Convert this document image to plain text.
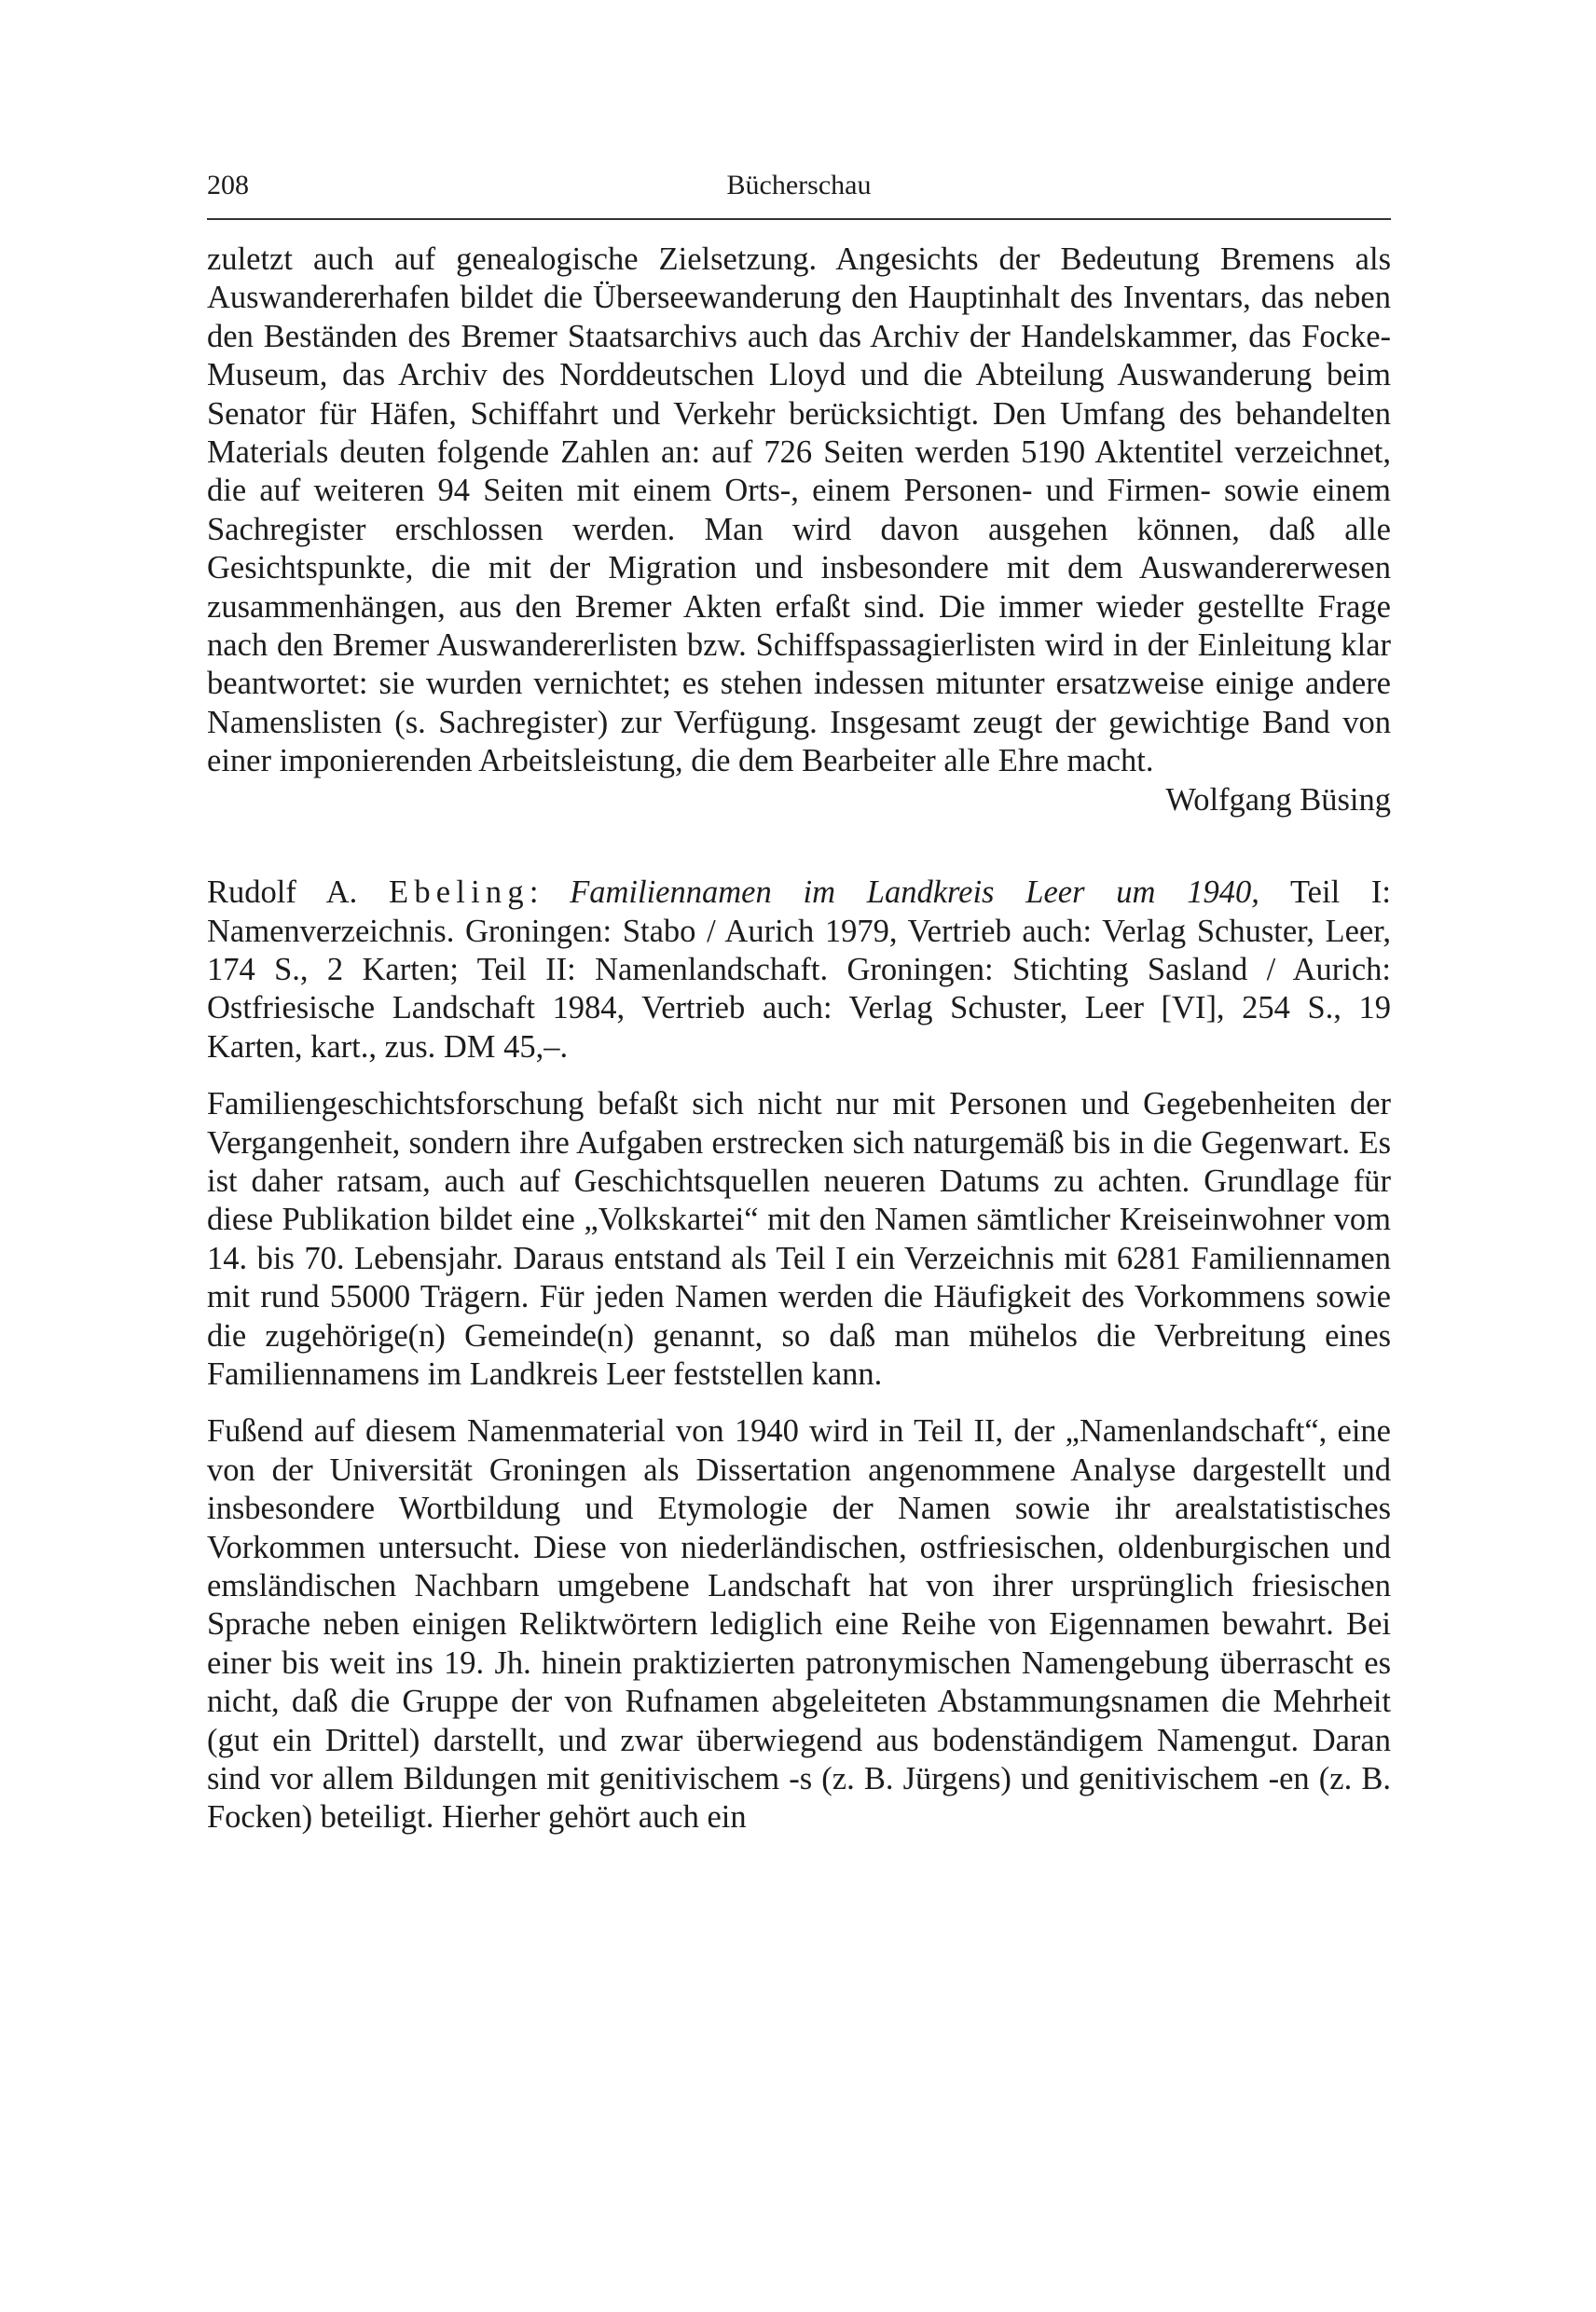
208	Bücherschau

zuletzt auch auf genealogische Zielsetzung. Angesichts der Bedeutung Bremens als Auswandererhafen bildet die Überseewanderung den Hauptinhalt des Inventars, das neben den Beständen des Bremer Staatsarchivs auch das Archiv der Handelskammer, das Focke-Museum, das Archiv des Norddeutschen Lloyd und die Abteilung Auswanderung beim Senator für Häfen, Schiffahrt und Verkehr berücksichtigt. Den Umfang des behandelten Materials deuten folgende Zahlen an: auf 726 Seiten werden 5190 Aktentitel verzeichnet, die auf weiteren 94 Seiten mit einem Orts-, einem Personen- und Firmen- sowie einem Sachregister erschlossen werden. Man wird davon ausgehen können, daß alle Gesichtspunkte, die mit der Migration und insbesondere mit dem Auswandererwesen zusammenhängen, aus den Bremer Akten erfaßt sind. Die immer wieder gestellte Frage nach den Bremer Auswandererlisten bzw. Schiffspassagierlisten wird in der Einleitung klar beantwortet: sie wurden vernichtet; es stehen indessen mitunter ersatzweise einige andere Namenslisten (s. Sachregister) zur Verfügung. Insgesamt zeugt der gewichtige Band von einer imponierenden Arbeitsleistung, die dem Bearbeiter alle Ehre macht.
Wolfgang Büsing

Rudolf A. Ebeling: Familiennamen im Landkreis Leer um 1940, Teil I: Namenverzeichnis. Groningen: Stabo / Aurich 1979, Vertrieb auch: Verlag Schuster, Leer, 174 S., 2 Karten; Teil II: Namenlandschaft. Groningen: Stichting Sasland / Aurich: Ostfriesische Landschaft 1984, Vertrieb auch: Verlag Schuster, Leer [VI], 254 S., 19 Karten, kart., zus. DM 45,–.

Familiengeschichtsforschung befaßt sich nicht nur mit Personen und Gegebenheiten der Vergangenheit, sondern ihre Aufgaben erstrecken sich naturgemäß bis in die Gegenwart. Es ist daher ratsam, auch auf Geschichtsquellen neueren Datums zu achten. Grundlage für diese Publikation bildet eine „Volkskartei“ mit den Namen sämtlicher Kreiseinwohner vom 14. bis 70. Lebensjahr. Daraus entstand als Teil I ein Verzeichnis mit 6281 Familiennamen mit rund 55000 Trägern. Für jeden Namen werden die Häufigkeit des Vorkommens sowie die zugehörige(n) Gemeinde(n) genannt, so daß man mühelos die Verbreitung eines Familiennamens im Landkreis Leer feststellen kann.

Fußend auf diesem Namenmaterial von 1940 wird in Teil II, der „Namenlandschaft“, eine von der Universität Groningen als Dissertation angenommene Analyse dargestellt und insbesondere Wortbildung und Etymologie der Namen sowie ihr arealstatistisches Vorkommen untersucht. Diese von niederländischen, ostfriesischen, oldenburgischen und emsländischen Nachbarn umgebene Landschaft hat von ihrer ursprünglich friesischen Sprache neben einigen Reliktwörtern lediglich eine Reihe von Eigennamen bewahrt. Bei einer bis weit ins 19. Jh. hinein praktizierten patronymischen Namengebung überrascht es nicht, daß die Gruppe der von Rufnamen abgeleiteten Abstammungsnamen die Mehrheit (gut ein Drittel) darstellt, und zwar überwiegend aus bodenständigem Namengut. Daran sind vor allem Bildungen mit genitivischem -s (z. B. Jürgens) und genitivischem -en (z. B. Focken) beteiligt. Hierher gehört auch ein
